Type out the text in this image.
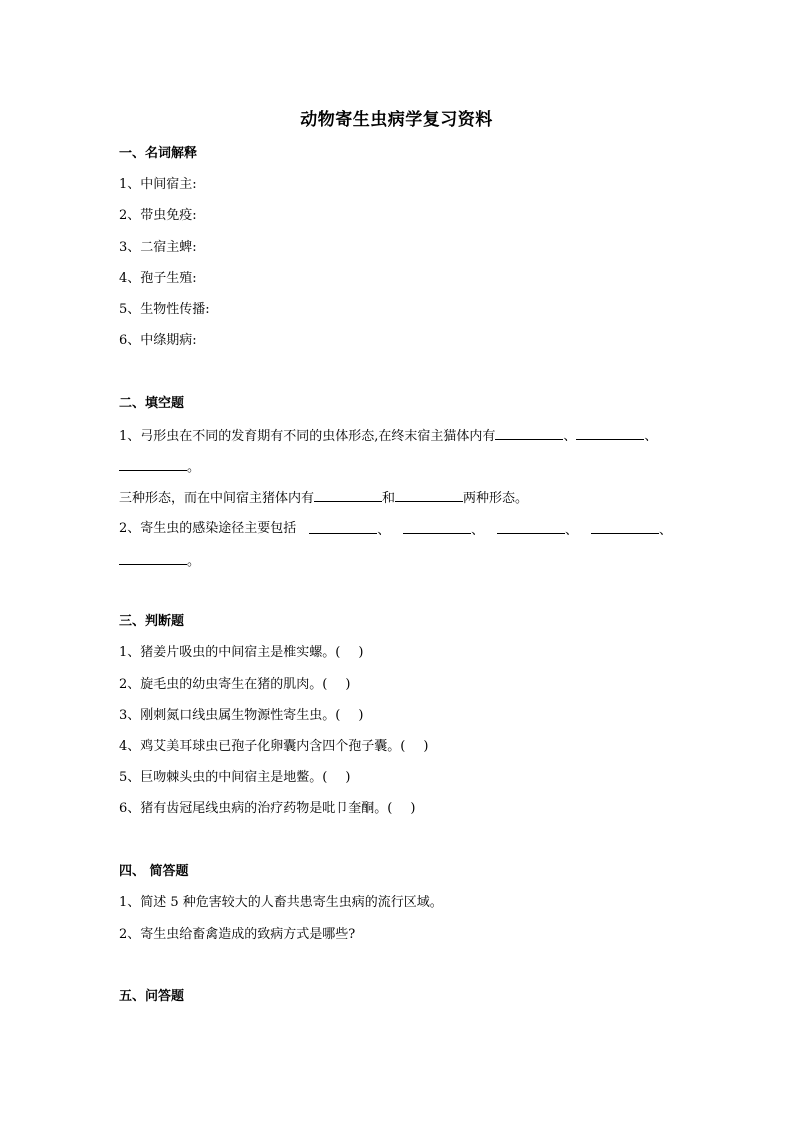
动物寄生虫病学复习资料
一、名词解释
1、中间宿主:
2、带虫免疫:
3、二宿主蜱:
4、孢子生殖:
5、生物性传播:
6、中绦期病:
二、填空题
1、弓形虫在不同的发育期有不同的虫体形态,在终末宿主猫体内有	、	、
。
三种形态，而在中间宿主猪体内有	和	两种形态。
2、寄生虫的感染途径主要包括	、	、	、	、
。
三、判断题
1、猪姜片吸虫的中间宿主是椎实螺。( )
2、旋毛虫的幼虫寄生在猪的肌肉。( )
3、刚刺氮口线虫属生物源性寄生虫。( )
4、鸡艾美耳球虫已孢子化卵囊内含四个孢子囊。( )
5、巨吻棘头虫的中间宿主是地鳖。( )
6、猪有齿冠尾线虫病的治疗药物是吡卩奎酮。( )
四、 简答题
1、简述 5 种危害较大的人畜共患寄生虫病的流行区域。
2、寄生虫给畜禽造成的致病方式是哪些?
五、问答题
